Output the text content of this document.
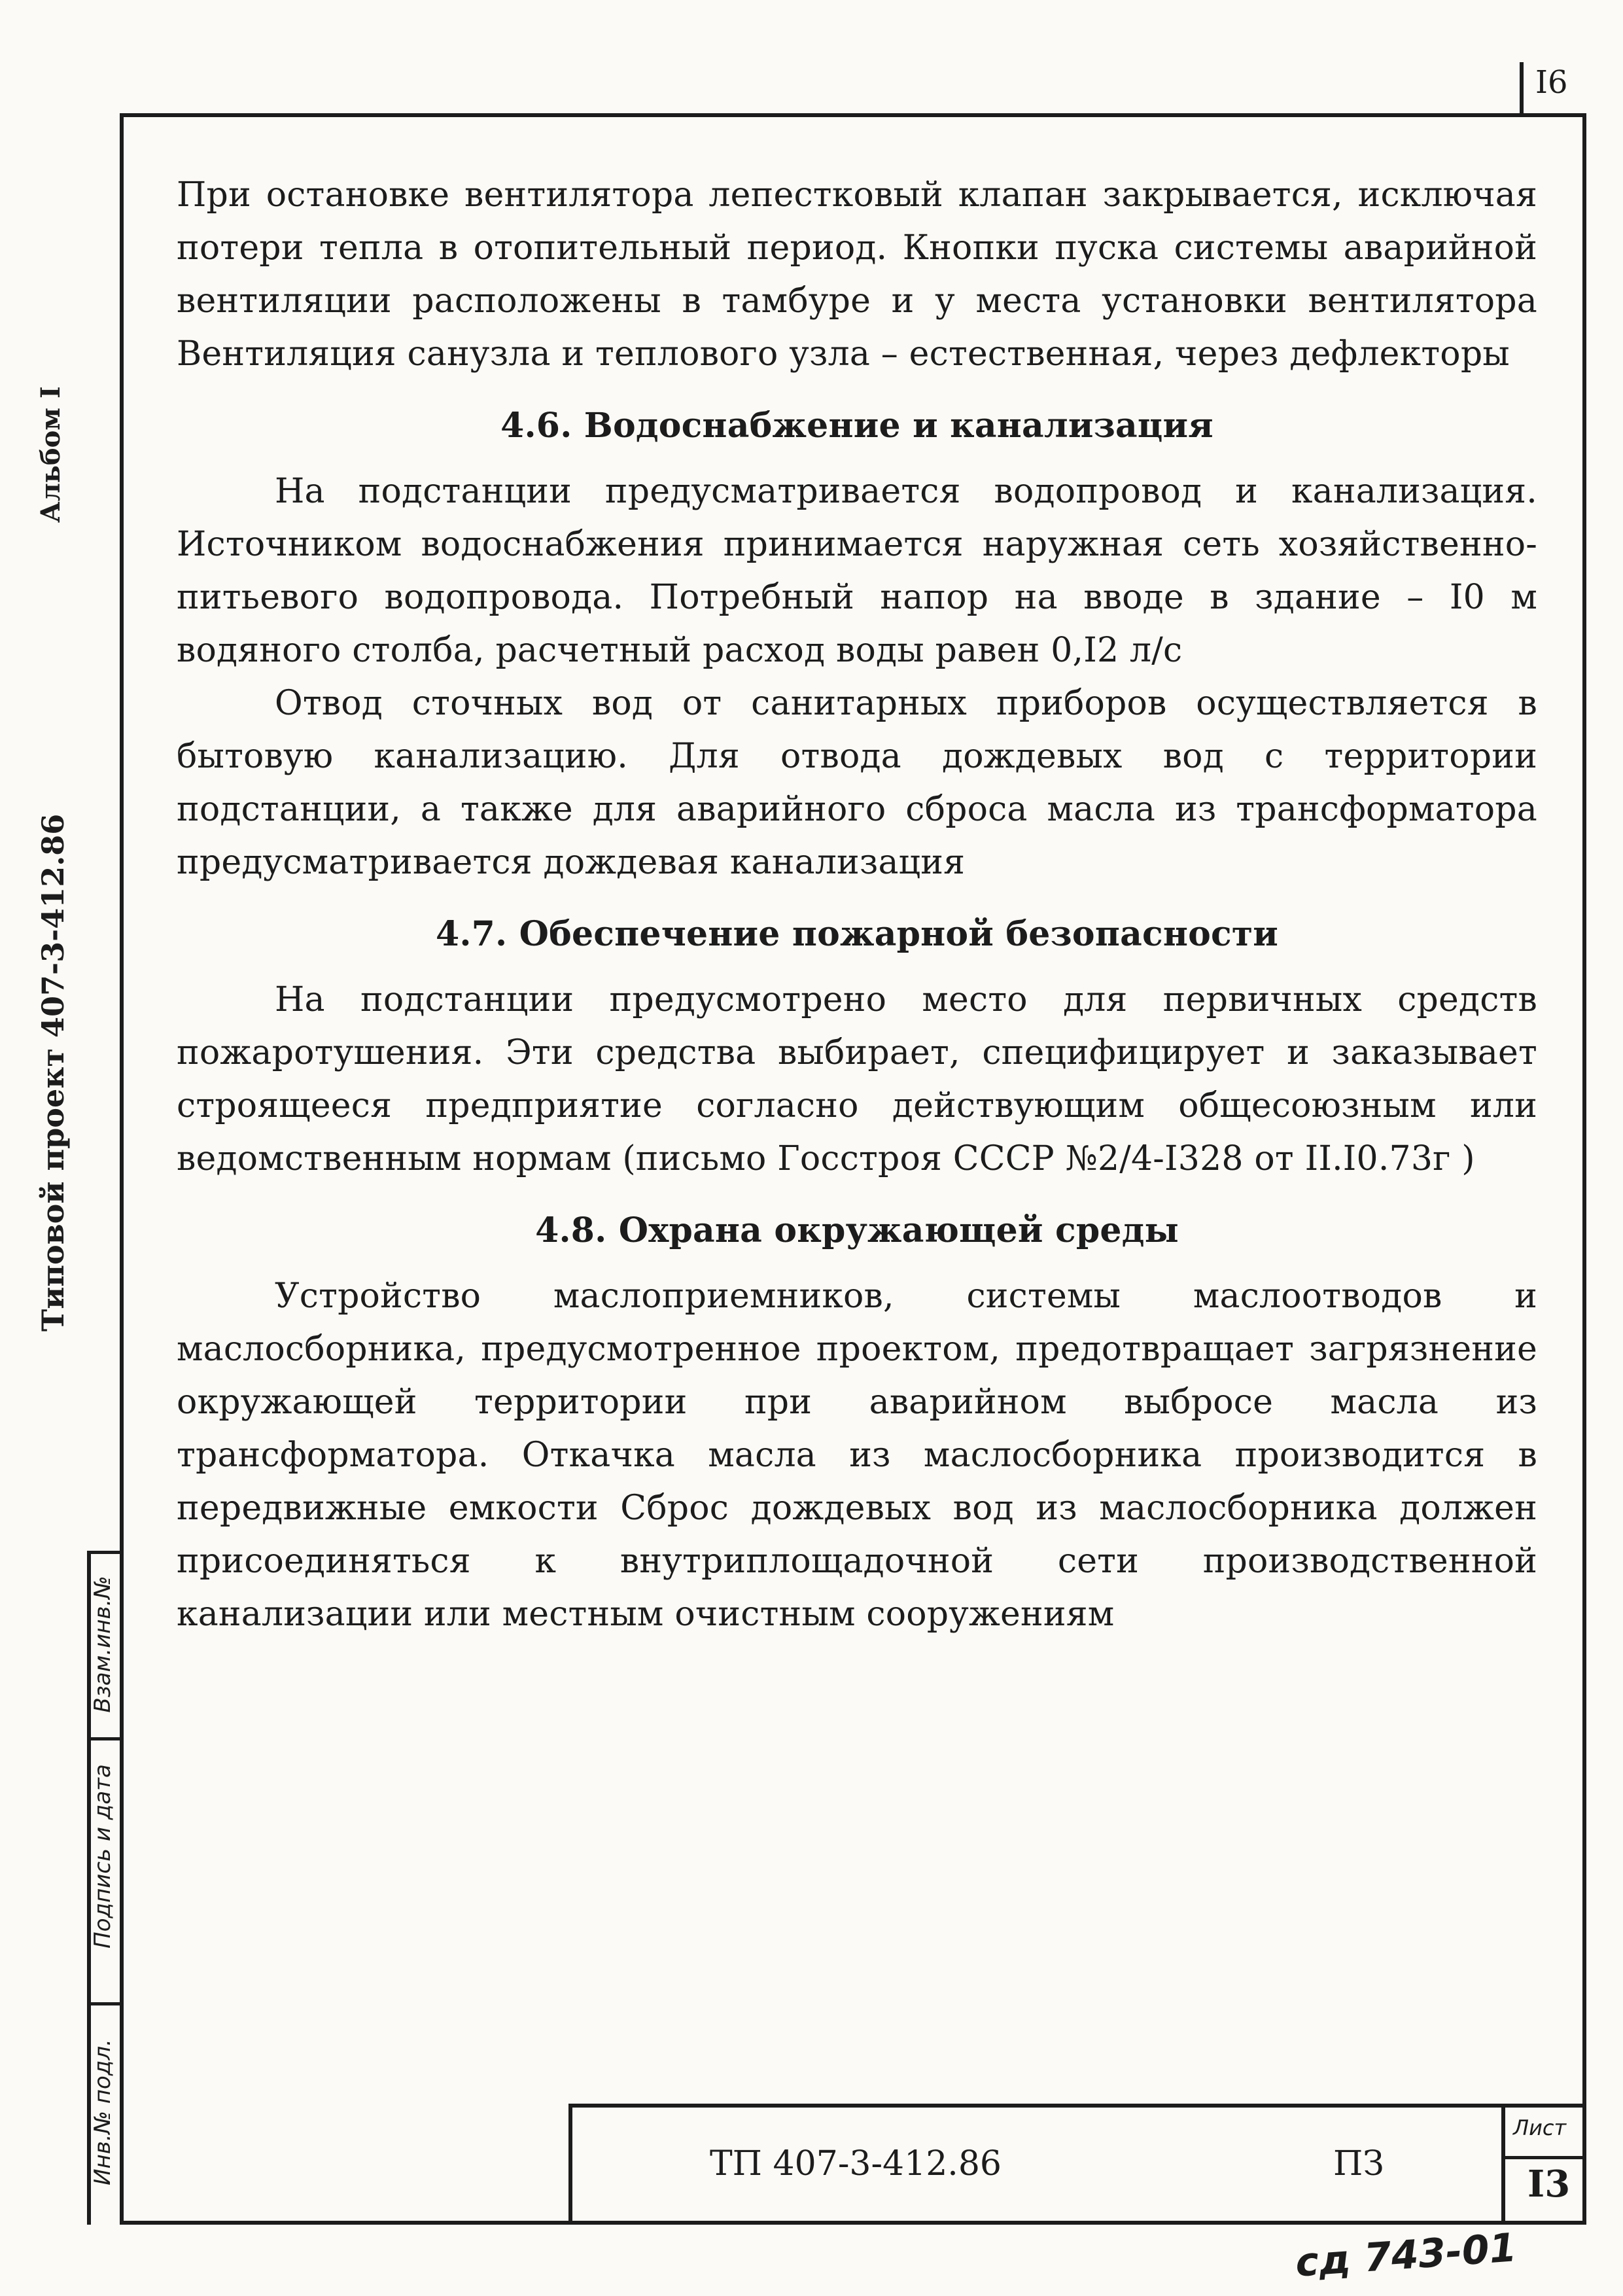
I6
Альбом I
Типовой проект 407-3-412.86
Взам.инв.№
Подпись и дата
Инв.№ подл.

При остановке вентилятора лепестковый клапан закрывается, исключая потери тепла в отопительный период. Кнопки пуска системы аварийной вентиляции расположены в тамбуре и у места установки вентилятора Вентиляция санузла и теплового узла – естественная, через дефлекторы

4.6. Водоснабжение и канализация

На подстанции предусматривается водопровод и канализация. Источником водоснабжения принимается наружная сеть хозяйственно-питьевого водопровода. Потребный напор на вводе в здание – I0 м водяного столба, расчетный расход воды равен 0,I2 л/с

Отвод сточных вод от санитарных приборов осуществляется в бытовую канализацию. Для отвода дождевых вод с территории подстанции, а также для аварийного сброса масла из трансформатора предусматривается дождевая канализация

4.7. Обеспечение пожарной безопасности

На подстанции предусмотрено место для первичных средств пожаротушения. Эти средства выбирает, специфицирует и заказывает строящееся предприятие согласно действующим общесоюзным или ведомственным нормам (письмо Госстроя СССР №2/4-I328 от II.I0.73г )

4.8. Охрана окружающей среды

Устройство маслоприемников, системы маслоотводов и маслосборника, предусмотренное проектом, предотвращает загрязнение окружающей территории при аварийном выбросе масла из трансформатора. Откачка масла из маслосборника производится в передвижные емкости Сброс дождевых вод из маслосборника должен присоединяться к внутриплощадочной сети производственной канализации или местным очистным сооружениям

ТП 407-3-412.86	ПЗ
Лист
I3
сд 743-01
